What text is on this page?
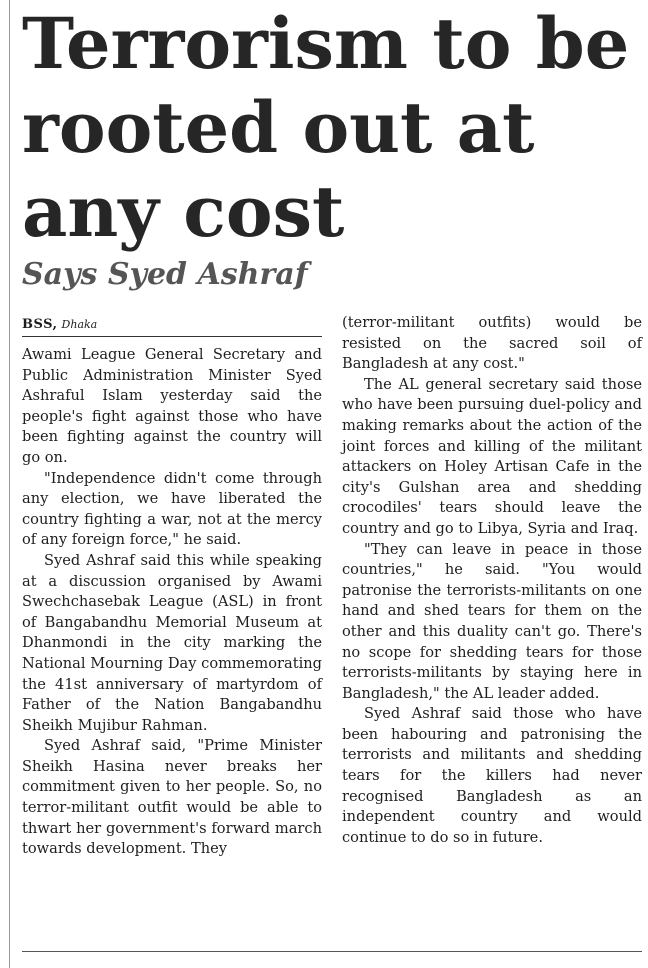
Terrorism to be rooted out at any cost
Says Syed Ashraf
BSS, Dhaka

Awami League General Secretary and Public Administration Minister Syed Ashraful Islam yesterday said the people's fight against those who have been fighting against the country will go on.

"Independence didn't come through any election, we have liberated the country fighting a war, not at the mercy of any foreign force," he said.

Syed Ashraf said this while speaking at a discussion organised by Awami Swechchasebak League (ASL) in front of Bangabandhu Memorial Museum at Dhanmondi in the city marking the National Mourning Day commemorating the 41st anniversary of martyrdom of Father of the Nation Bangabandhu Sheikh Mujibur Rahman.

Syed Ashraf said, "Prime Minister Sheikh Hasina never breaks her commitment given to her people. So, no terror-militant outfit would be able to thwart her government's forward march towards development. They

(terror-militant outfits) would be resisted on the sacred soil of Bangladesh at any cost."

The AL general secretary said those who have been pursuing duel-policy and making remarks about the action of the joint forces and killing of the militant attackers on Holey Artisan Cafe in the city's Gulshan area and shedding crocodiles' tears should leave the country and go to Libya, Syria and Iraq.

"They can leave in peace in those countries," he said. "You would patronise the terrorists-militants on one hand and shed tears for them on the other and this duality can't go. There's no scope for shedding tears for those terrorists-militants by staying here in Bangladesh," the AL leader added.

Syed Ashraf said those who have been habouring and patronising the terrorists and militants and shedding tears for the killers had never recognised Bangladesh as an independent country and would continue to do so in future.
